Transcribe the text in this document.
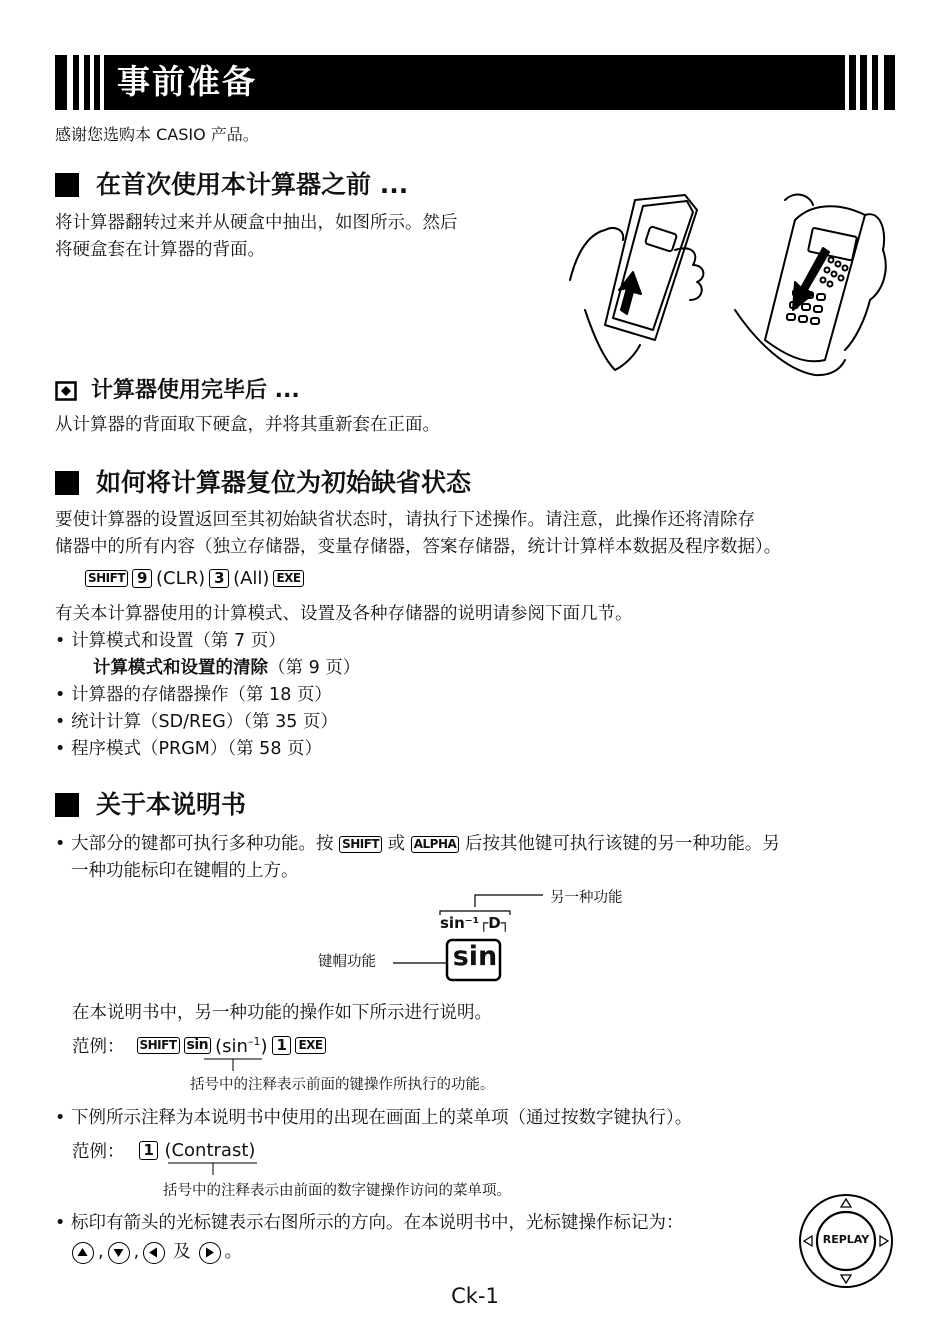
事前准备
感谢您选购本 CASIO 产品。
在首次使用本计算器之前 ...
将计算器翻转过来并从硬盒中抽出，如图所示。然后
将硬盒套在计算器的背面。
计算器使用完毕后 ...
从计算器的背面取下硬盒，并将其重新套在正面。
如何将计算器复位为初始缺省状态
要使计算器的设置返回至其初始缺省状态时，请执行下述操作。请注意，此操作还将清除存
储器中的所有内容（独立存储器，变量存储器，答案存储器，统计计算样本数据及程序数据）。
SHIFT 9 (CLR) 3 (All) EXE
有关本计算器使用的计算模式、设置及各种存储器的说明请参阅下面几节。
• 计算模式和设置（第 7 页）
计算模式和设置的清除（第 9 页）
• 计算器的存储器操作（第 18 页）
• 统计计算（SD/REG）（第 35 页）
• 程序模式（PRGM）（第 58 页）
关于本说明书
• 大部分的键都可执行多种功能。按 SHIFT 或 ALPHA 后按其他键可执行该键的另一种功能。另
一种功能标印在键帽的上方。
另一种功能
sin⁻¹┌D┐
键帽功能	sin
在本说明书中，另一种功能的操作如下所示进行说明。
范例： SHIFT $\sin (\sin^{-1})$ 1	EXE
括号中的注释表示前面的键操作所执行的功能。
• 下例所示注释为本说明书中使用的出现在画面上的菜单项（通过按数字键执行）。
范例：	1 (Contrast)
括号中的注释表示由前面的数字键操作访问的菜单项。
• 标印有箭头的光标键表示右图所示的方向。在本说明书中，光标键操作标记为：
, , 及 。
REPLAY
Ck-1
